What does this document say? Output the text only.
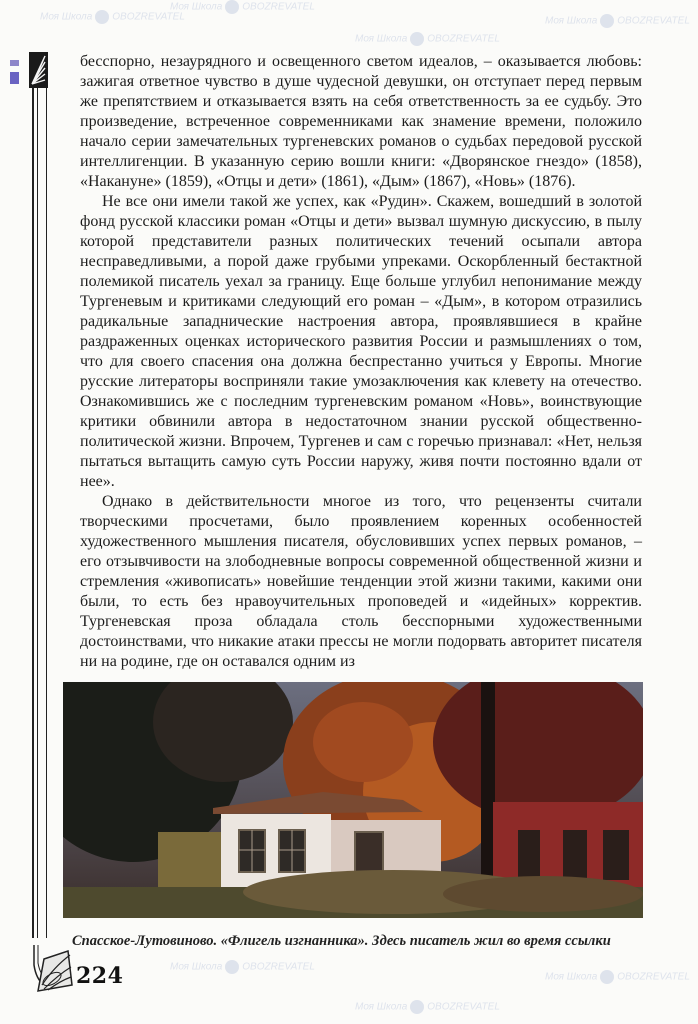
Моя Школа OBOZREVATEL
Моя Школа OBOZREVATEL
Моя Школа OBOZREVATEL
Моя Школа OBOZREVATEL
Моя Школа OBOZREVATEL
Моя Школа OBOZREVATEL
Моя Школа OBOZREVATEL

бесспорно, незаурядного и освещенного светом идеалов, – оказывается любовь: зажигая ответное чувство в душе чудесной девушки, он отступает перед первым же препятствием и отказывается взять на себя ответственность за ее судьбу. Это произведение, встреченное современниками как знамение времени, положило начало серии замечательных тургеневских романов о судьбах передовой русской интеллигенции. В указанную серию вошли книги: «Дворянское гнездо» (1858), «Накануне» (1859), «Отцы и дети» (1861), «Дым» (1867), «Новь» (1876).

Не все они имели такой же успех, как «Рудин». Скажем, вошедший в золотой фонд русской классики роман «Отцы и дети» вызвал шумную дискуссию, в пылу которой представители разных политических течений осыпали автора несправедливыми, а порой даже грубыми упреками. Оскорбленный бестактной полемикой писатель уехал за границу. Еще больше углубил непонимание между Тургеневым и критиками следующий его роман – «Дым», в котором отразились радикальные западнические настроения автора, проявлявшиеся в крайне раздраженных оценках исторического развития России и размышлениях о том, что для своего спасения она должна беспрестанно учиться у Европы. Многие русские литераторы восприняли такие умозаключения как клевету на отечество. Ознакомившись же с последним тургеневским романом «Новь», воинствующие критики обвинили автора в недостаточном знании русской общественно-политической жизни. Впрочем, Тургенев и сам с горечью признавал: «Нет, нельзя пытаться вытащить самую суть России наружу, живя почти постоянно вдали от нее».

Однако в действительности многое из того, что рецензенты считали творческими просчетами, было проявлением коренных особенностей художественного мышления писателя, обусловивших успех первых романов, – его отзывчивости на злободневные вопросы современной общественной жизни и стремления «живописать» новейшие тенденции этой жизни такими, какими они были, то есть без нравоучительных проповедей и «идейных» корректив. Тургеневская проза обладала столь бесспорными художественными достоинствами, что никакие атаки прессы не могли подорвать авторитет писателя ни на родине, где он оставался одним из

Спасское-Лутовиново. «Флигель изгнанника». Здесь писатель жил во время ссылки
224
